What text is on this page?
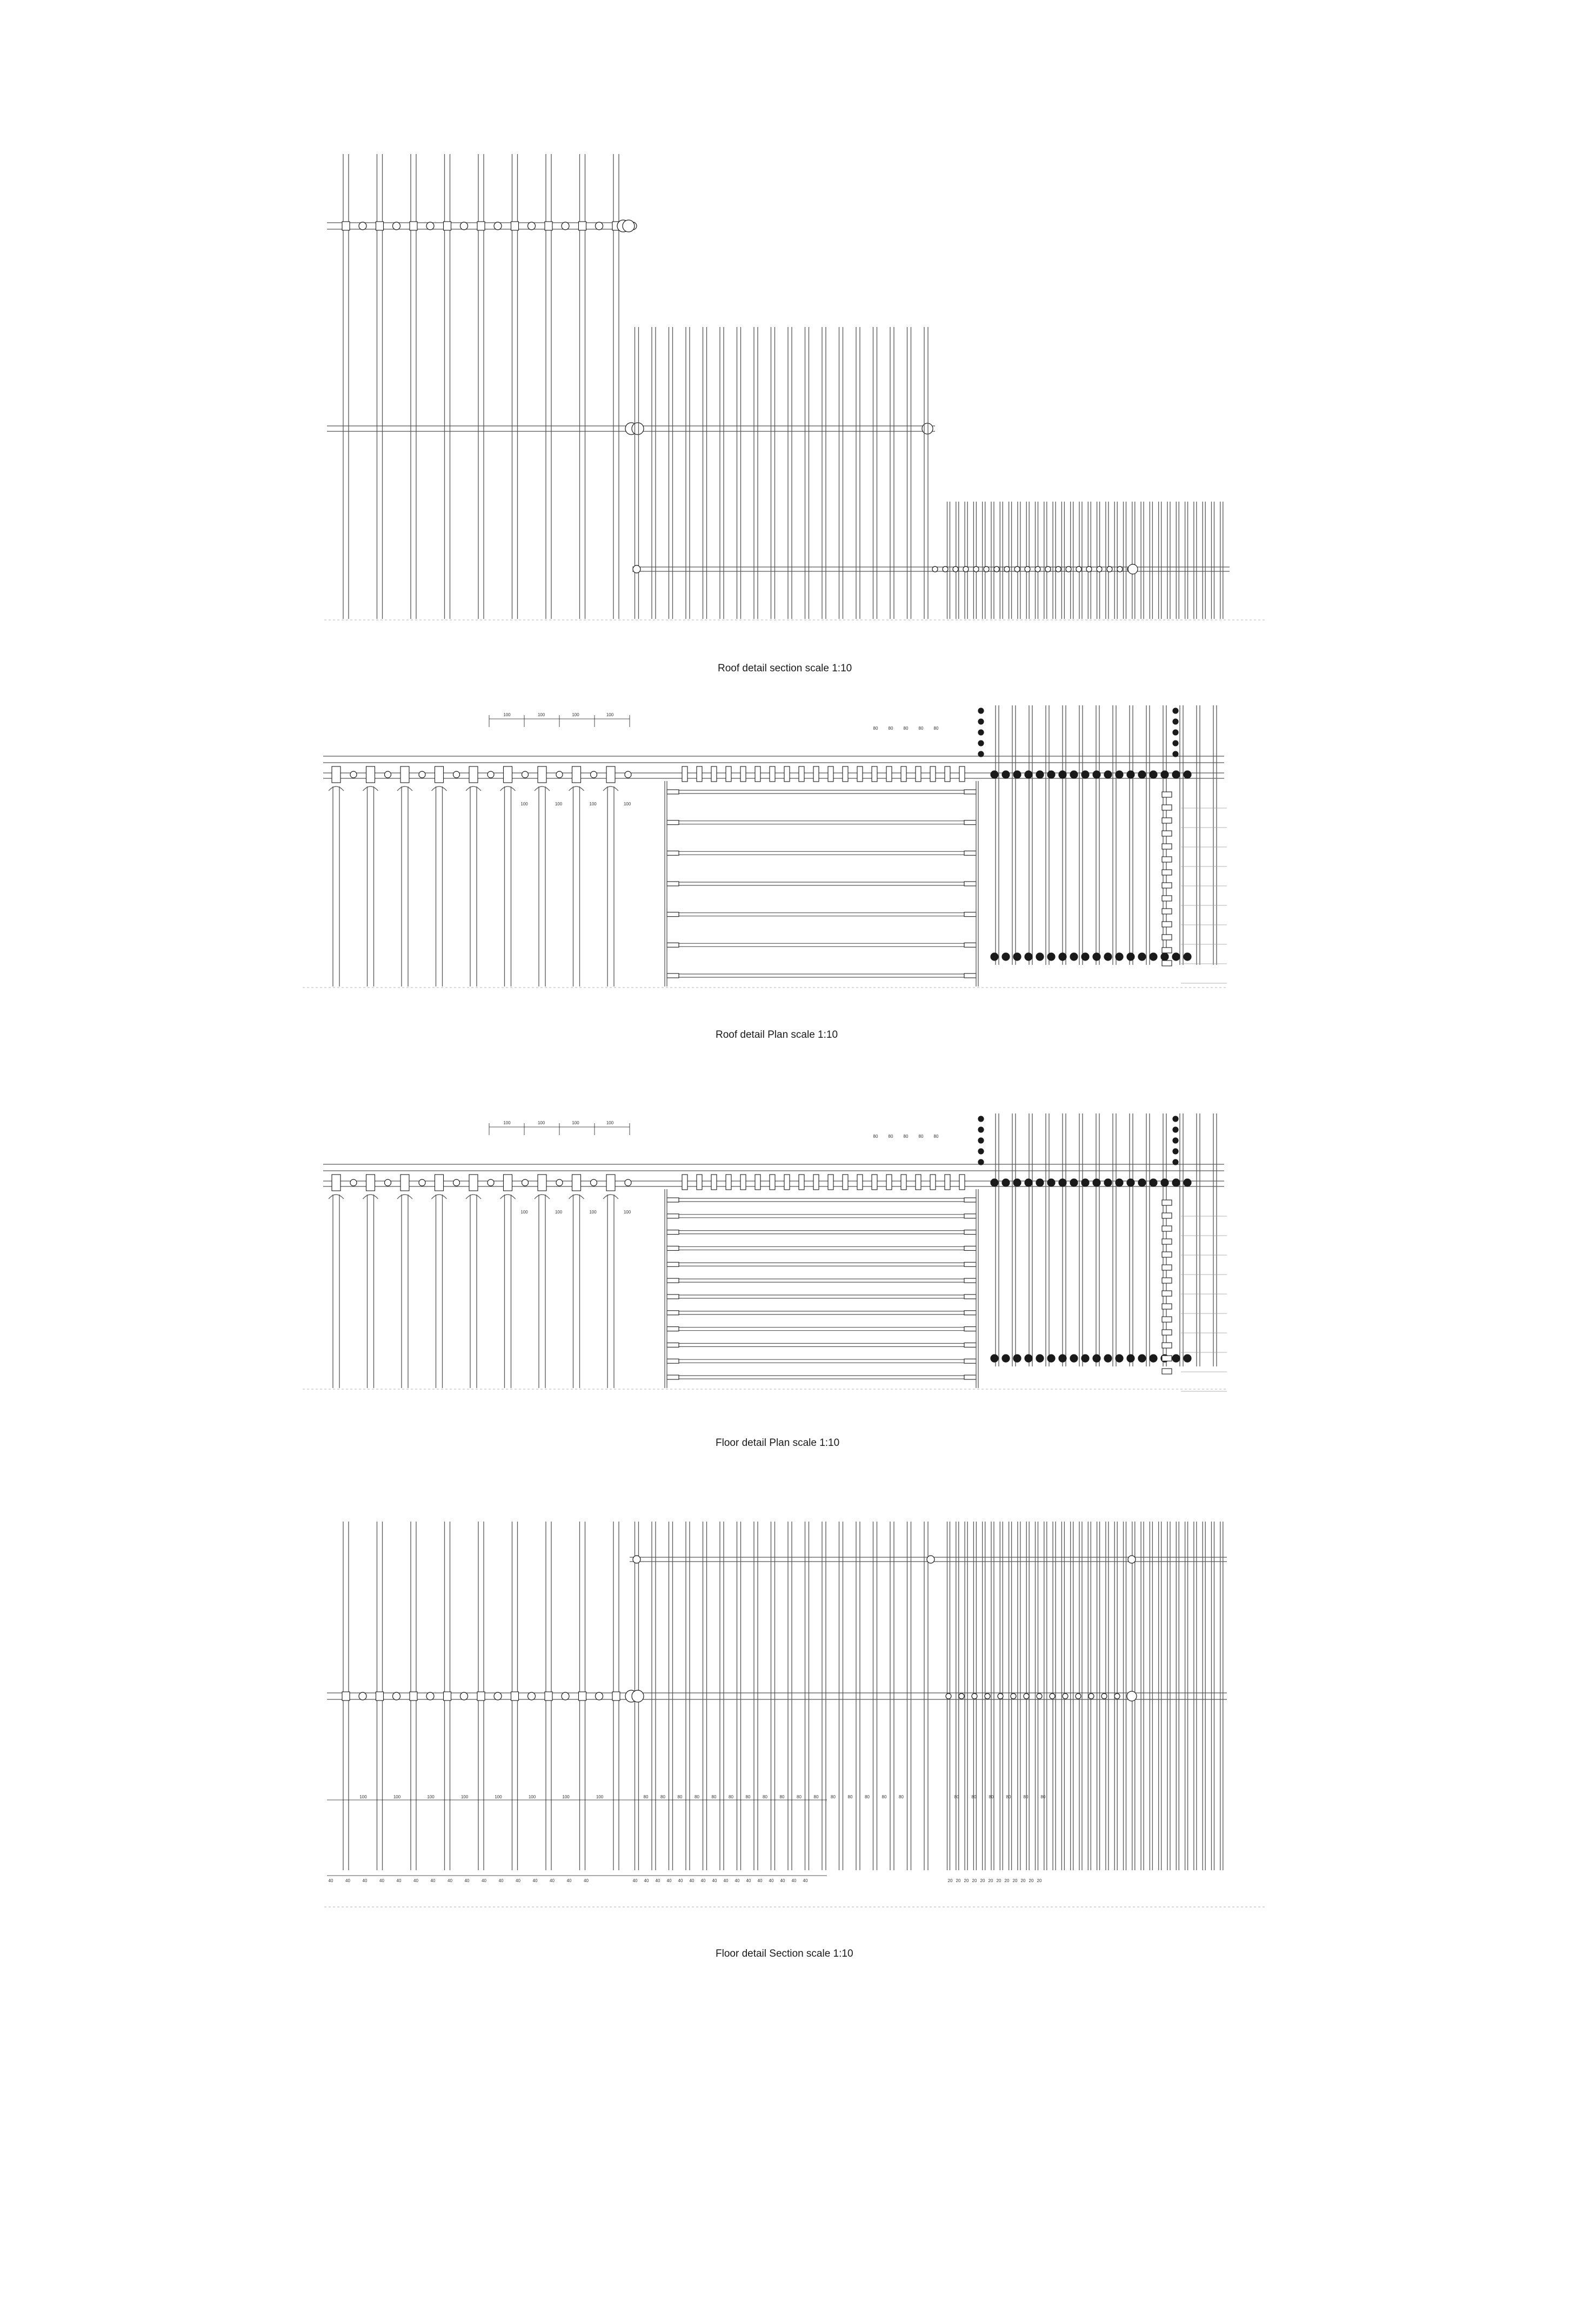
Roof detail section scale 1:10
100	100	100	100
100	100	100	100
80 80 80 80 80
Roof detail Plan scale 1:10
100	100	100	100
100	100	100	100
80 80 80 80 80
Floor detail Plan scale 1:10
100	100	100	100	100	100	100	100	80	80	80	80	80	80	80	80	80	80	80	80	80	80	80	80	80	80	80	80	80	80
40	40	40	40	40	40	40	40	40	40	40	40	40	40	40	40	40 40 40 40 40 40 40 40 40 40 40 40 40 40 40 40	20 20 20 20 20 20 20 20 20 20 20 20
Floor detail Section scale 1:10
